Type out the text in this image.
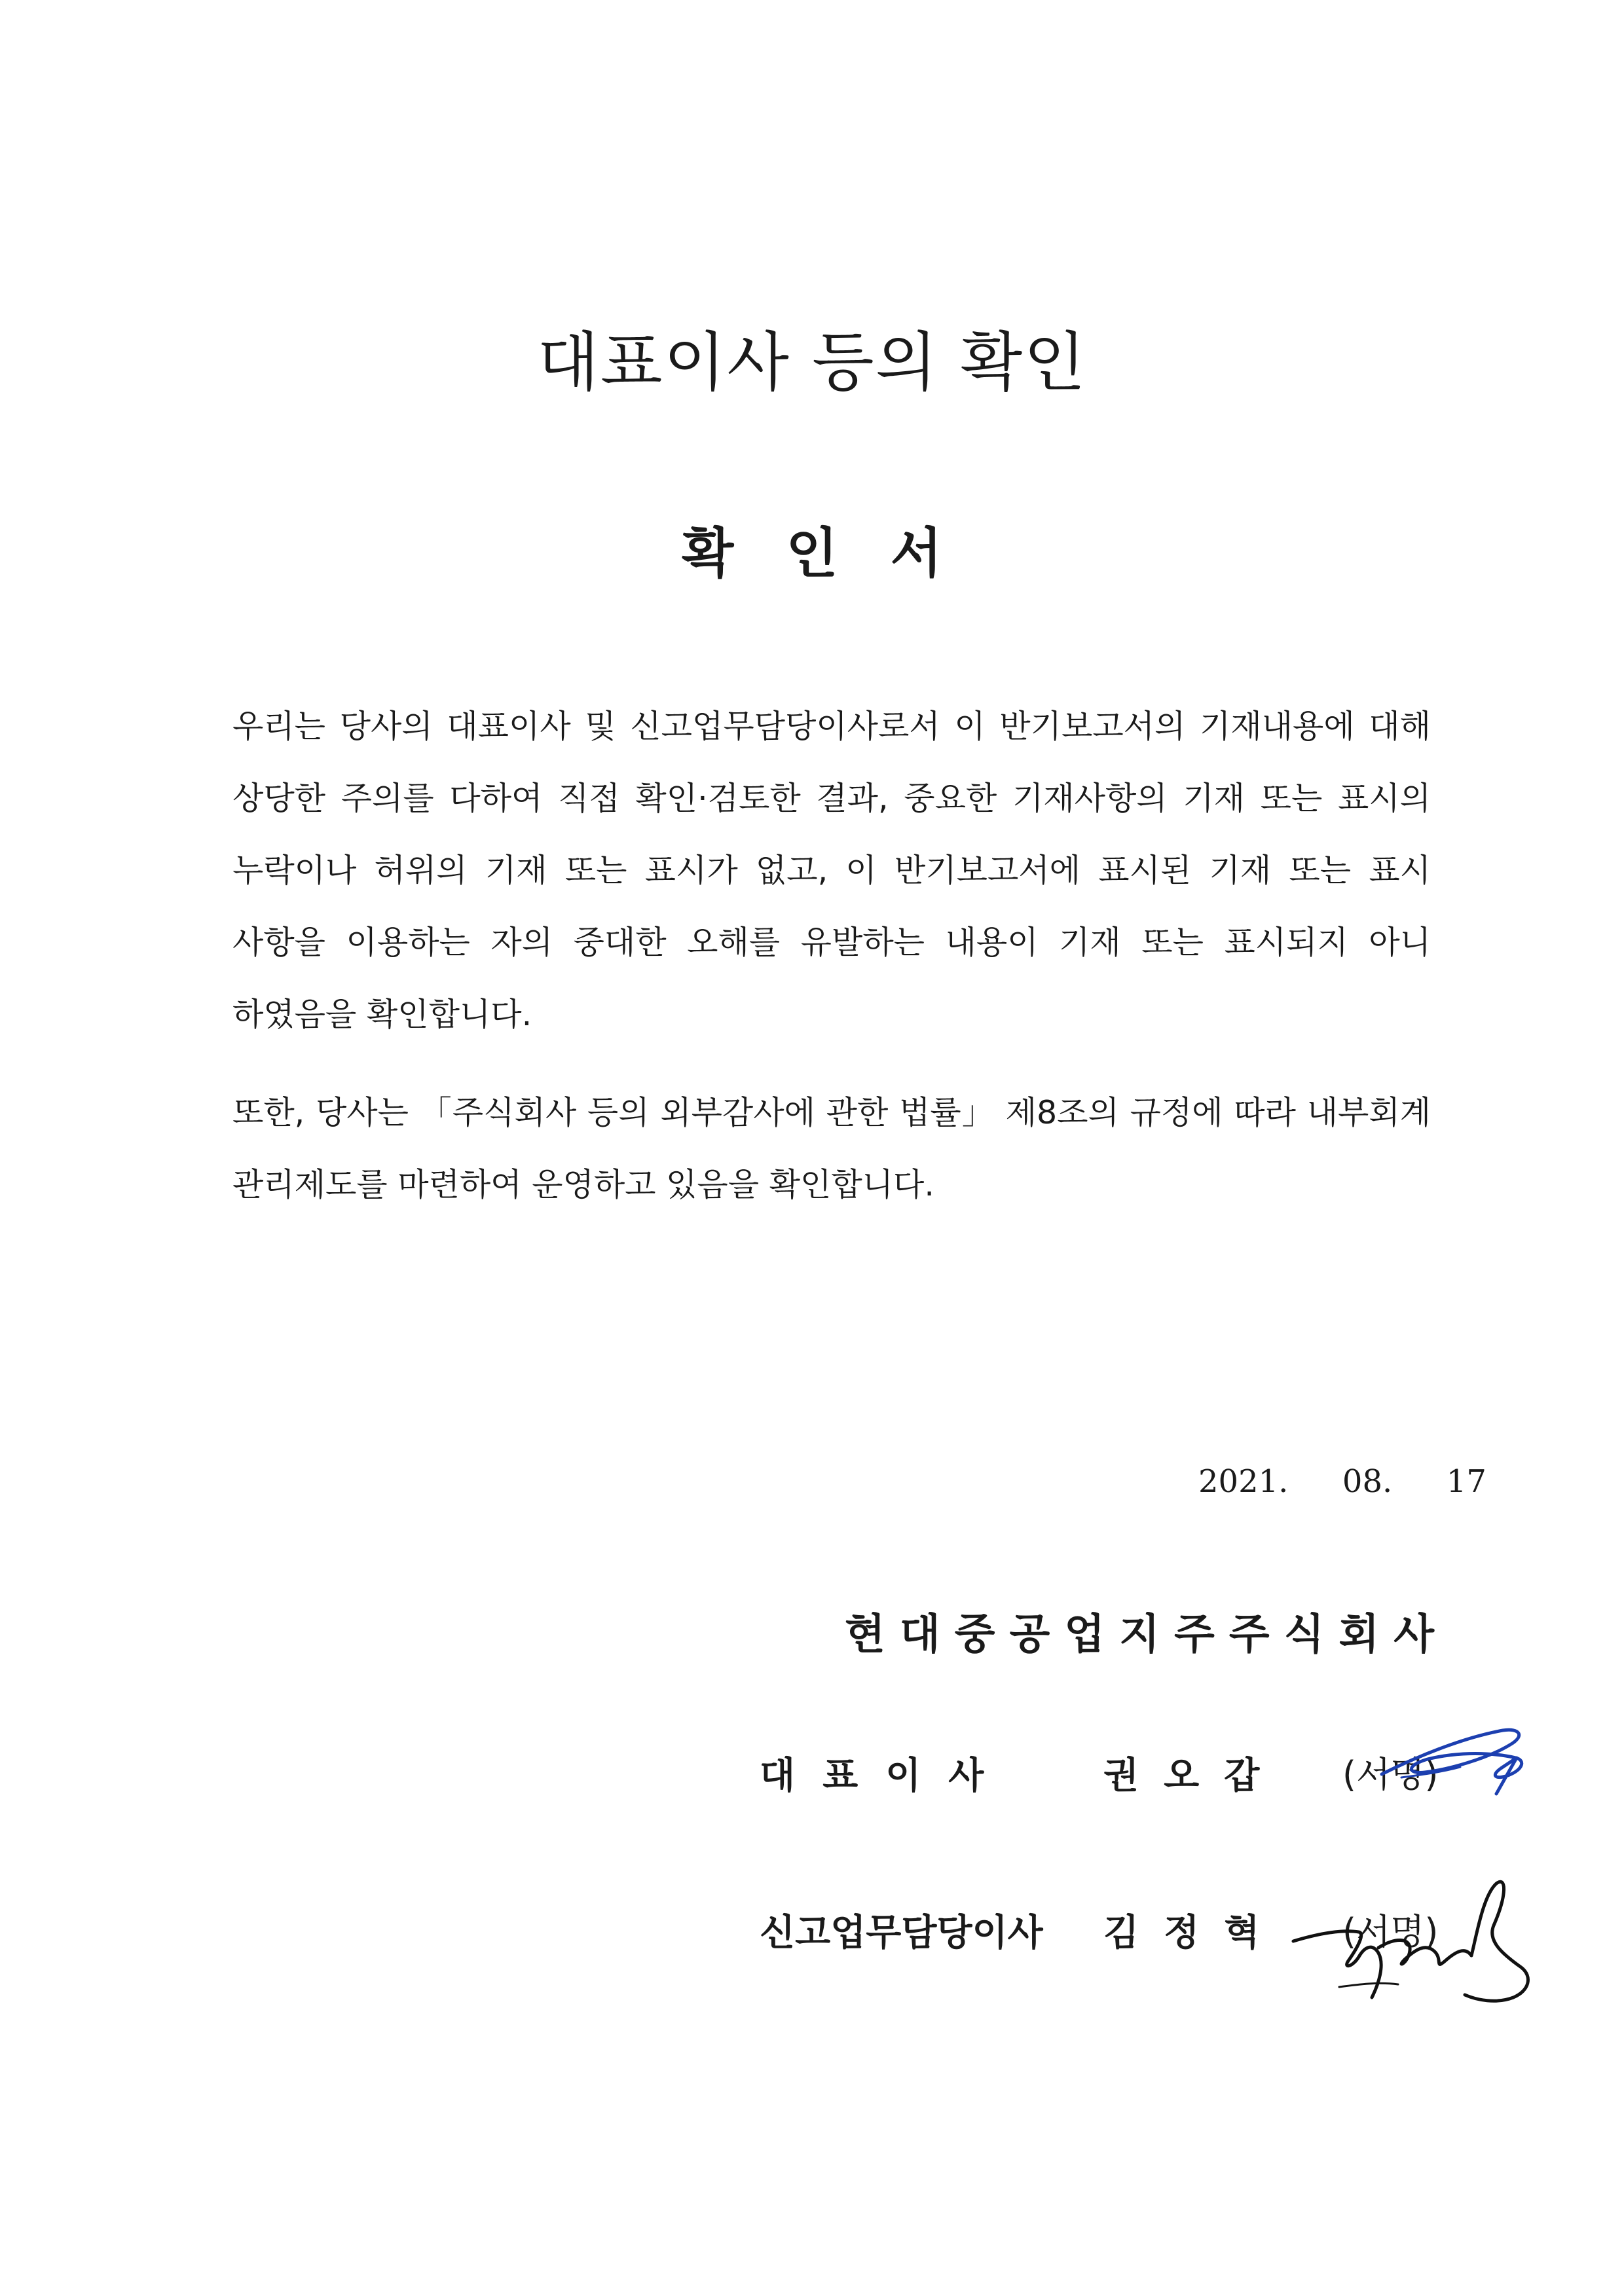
대표이사 등의 확인
확인서
우리는 당사의 대표이사 및 신고업무담당이사로서 이 반기보고서의 기재내용에 대해
상당한 주의를 다하여 직접 확인·검토한 결과, 중요한 기재사항의 기재 또는 표시의
누락이나 허위의 기재 또는 표시가 없고, 이 반기보고서에 표시된 기재 또는 표시
사항을 이용하는 자의 중대한 오해를 유발하는 내용이 기재 또는 표시되지 아니
하였음을 확인합니다.
또한, 당사는 「주식회사 등의 외부감사에 관한 법률」 제8조의 규정에 따라 내부회계
관리제도를 마련하여 운영하고 있음을 확인합니다.
2021.  08.  17
현대중공업지주주식회사
대표이사	권오갑 (서명)
신고업무담당이사 김정혁 (서명)
